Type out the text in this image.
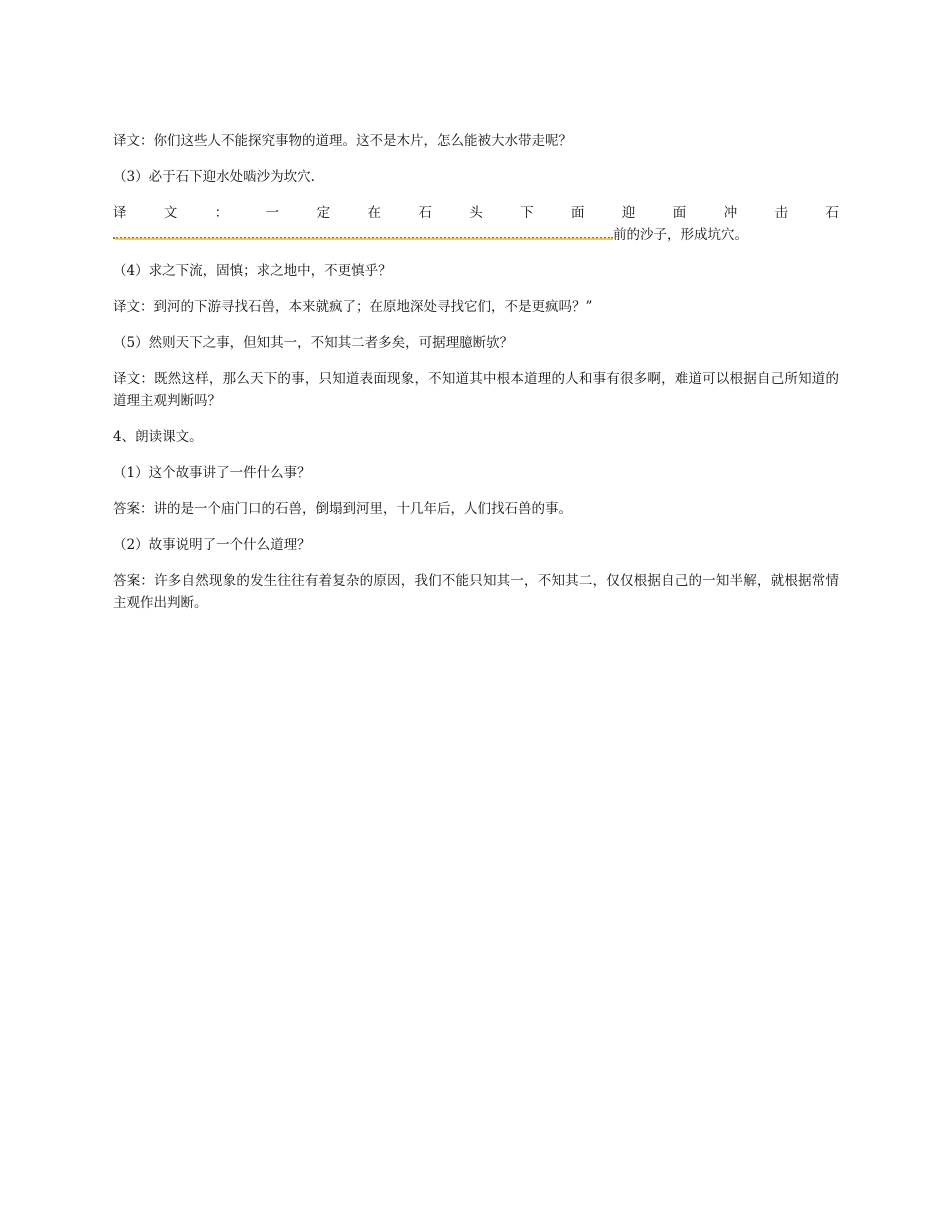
译文：你们这些人不能探究事物的道理。这不是木片，怎么能被大水带走呢？

（3）必于石下迎水处啮沙为坎穴.

译	文	：	一	定	在	石	头	下	面	迎	面	冲	击	石

前的沙子，形成坑穴。

（4）求之下流，固慎；求之地中，不更慎乎？

译文：到河的下游寻找石兽，本来就疯了；在原地深处寻找它们，不是更疯吗？”

（5）然则天下之事，但知其一，不知其二者多矣，可据理臆断欤？

译文：既然这样，那么天下的事，只知道表面现象，不知道其中根本道理的人和事有很多啊，难道可以根据自己所知道的道理主观判断吗？

4、朗读课文。

（1）这个故事讲了一件什么事？

答案：讲的是一个庙门口的石兽，倒塌到河里，十几年后，人们找石兽的事。

（2）故事说明了一个什么道理？

答案：许多自然现象的发生往往有着复杂的原因，我们不能只知其一，不知其二，仅仅根据自己的一知半解，就根据常情主观作出判断。
